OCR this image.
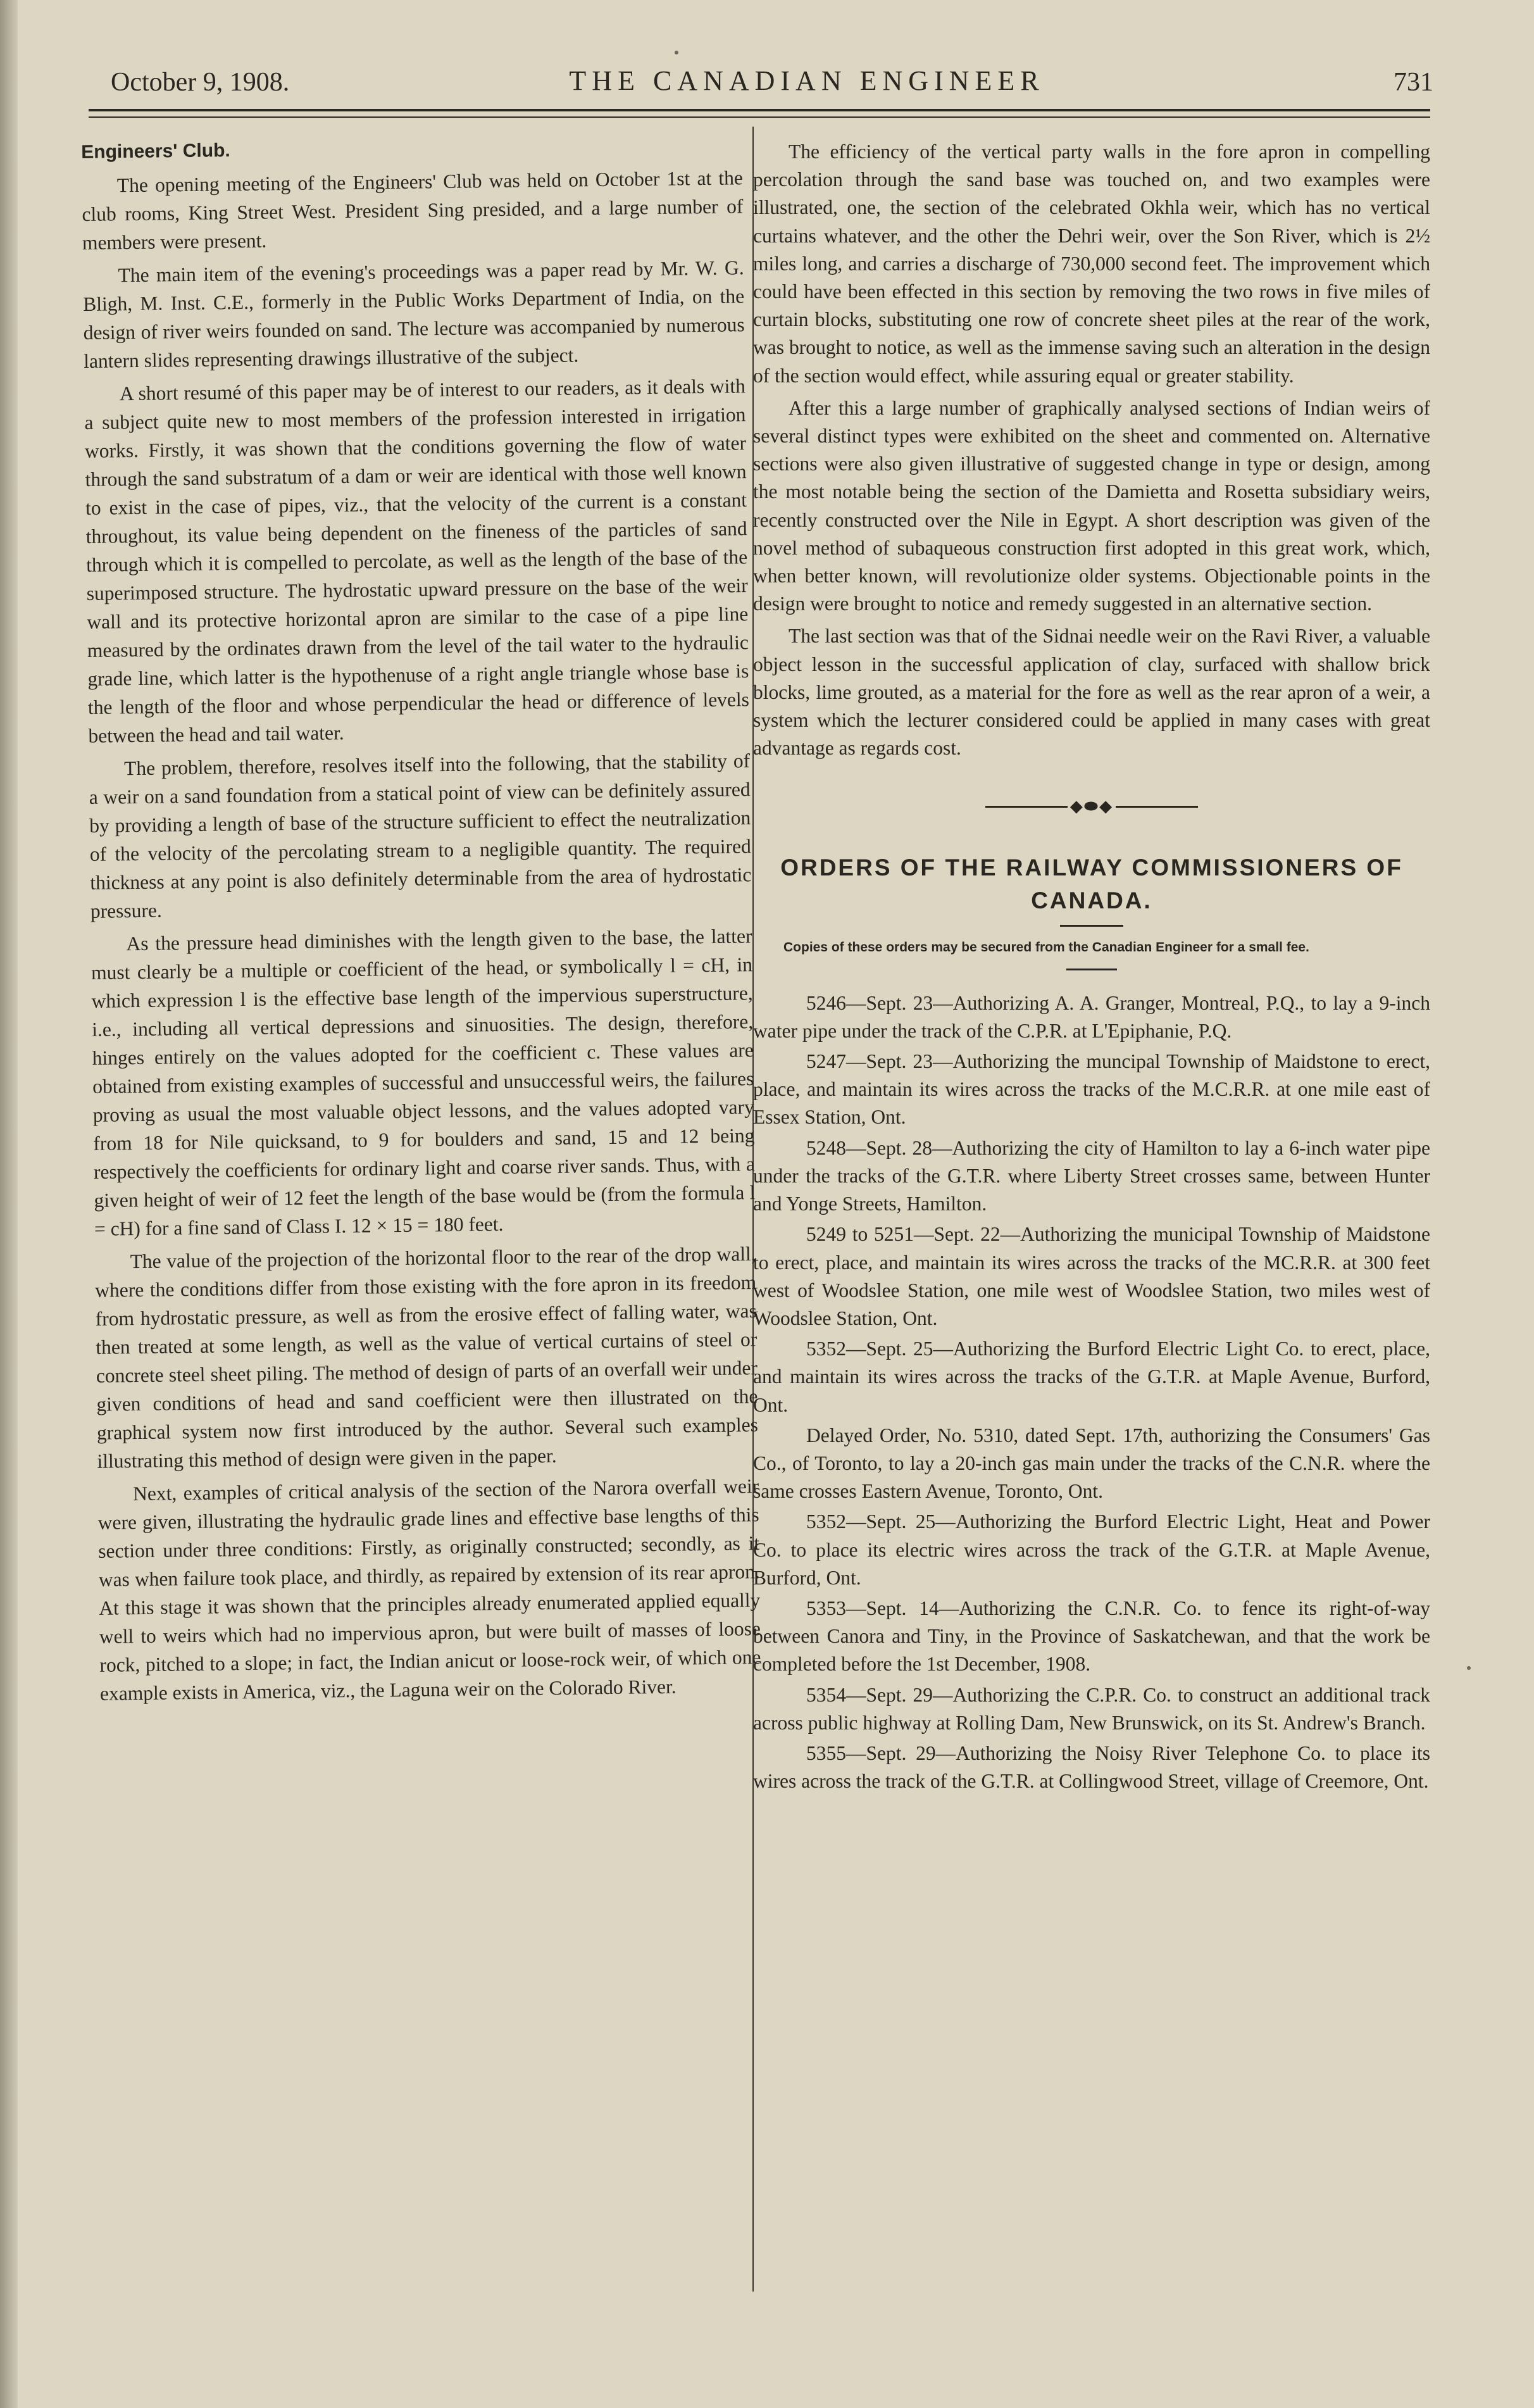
October 9, 1908.	THE CANADIAN ENGINEER	731
Engineers' Club.

The opening meeting of the Engineers' Club was held on October 1st at the club rooms, King Street West. President Sing presided, and a large number of members were present.

The main item of the evening's proceedings was a paper read by Mr. W. G. Bligh, M. Inst. C.E., formerly in the Public Works Department of India, on the design of river weirs founded on sand. The lecture was accompanied by numerous lantern slides representing drawings illustrative of the subject.

A short resumé of this paper may be of interest to our readers, as it deals with a subject quite new to most members of the profession interested in irrigation works. Firstly, it was shown that the conditions governing the flow of water through the sand substratum of a dam or weir are identical with those well known to exist in the case of pipes, viz., that the velocity of the current is a constant throughout, its value being dependent on the fineness of the particles of sand through which it is compelled to percolate, as well as the length of the base of the superimposed structure. The hydrostatic upward pressure on the base of the weir wall and its protective horizontal apron are similar to the case of a pipe line measured by the ordinates drawn from the level of the tail water to the hydraulic grade line, which latter is the hypothenuse of a right angle triangle whose base is the length of the floor and whose perpendicular the head or difference of levels between the head and tail water.

The problem, therefore, resolves itself into the following, that the stability of a weir on a sand foundation from a statical point of view can be definitely assured by providing a length of base of the structure sufficient to effect the neutralization of the velocity of the percolating stream to a negligible quantity. The required thickness at any point is also definitely determinable from the area of hydrostatic pressure.

As the pressure head diminishes with the length given to the base, the latter must clearly be a multiple or coefficient of the head, or symbolically l = cH, in which expression l is the effective base length of the impervious superstructure, i.e., including all vertical depressions and sinuosities. The design, therefore, hinges entirely on the values adopted for the coefficient c. These values are obtained from existing examples of successful and unsuccessful weirs, the failures proving as usual the most valuable object lessons, and the values adopted vary from 18 for Nile quicksand, to 9 for boulders and sand, 15 and 12 being respectively the coefficients for ordinary light and coarse river sands. Thus, with a given height of weir of 12 feet the length of the base would be (from the formula l = cH) for a fine sand of Class I. 12 × 15 = 180 feet.

The value of the projection of the horizontal floor to the rear of the drop wall, where the conditions differ from those existing with the fore apron in its freedom from hydrostatic pressure, as well as from the erosive effect of falling water, was then treated at some length, as well as the value of vertical curtains of steel or concrete steel sheet piling. The method of design of parts of an overfall weir under given conditions of head and sand coefficient were then illustrated on the graphical system now first introduced by the author. Several such examples illustrating this method of design were given in the paper.

Next, examples of critical analysis of the section of the Narora overfall weir were given, illustrating the hydraulic grade lines and effective base lengths of this section under three conditions: Firstly, as originally constructed; secondly, as it was when failure took place, and thirdly, as repaired by extension of its rear apron. At this stage it was shown that the principles already enumerated applied equally well to weirs which had no impervious apron, but were built of masses of loose rock, pitched to a slope; in fact, the Indian anicut or loose-rock weir, of which one example exists in America, viz., the Laguna weir on the Colorado River.

The efficiency of the vertical party walls in the fore apron in compelling percolation through the sand base was touched on, and two examples were illustrated, one, the section of the celebrated Okhla weir, which has no vertical curtains whatever, and the other the Dehri weir, over the Son River, which is 2½ miles long, and carries a discharge of 730,000 second feet. The improvement which could have been effected in this section by removing the two rows in five miles of curtain blocks, substituting one row of concrete sheet piles at the rear of the work, was brought to notice, as well as the immense saving such an alteration in the design of the section would effect, while assuring equal or greater stability.

After this a large number of graphically analysed sections of Indian weirs of several distinct types were exhibited on the sheet and commented on. Alternative sections were also given illustrative of suggested change in type or design, among the most notable being the section of the Damietta and Rosetta subsidiary weirs, recently constructed over the Nile in Egypt. A short description was given of the novel method of subaqueous construction first adopted in this great work, which, when better known, will revolutionize older systems. Objectionable points in the design were brought to notice and remedy suggested in an alternative section.

The last section was that of the Sidnai needle weir on the Ravi River, a valuable object lesson in the successful application of clay, surfaced with shallow brick blocks, lime grouted, as a material for the fore as well as the rear apron of a weir, a system which the lecturer considered could be applied in many cases with great advantage as regards cost.

◆⬬◆
ORDERS OF THE RAILWAY COMMISSIONERS OF CANADA.

Copies of these orders may be secured from the Canadian Engineer for a small fee.

5246—Sept. 23—Authorizing A. A. Granger, Montreal, P.Q., to lay a 9-inch water pipe under the track of the C.P.R. at L'Epiphanie, P.Q.

5247—Sept. 23—Authorizing the muncipal Township of Maidstone to erect, place, and maintain its wires across the tracks of the M.C.R.R. at one mile east of Essex Station, Ont.

5248—Sept. 28—Authorizing the city of Hamilton to lay a 6-inch water pipe under the tracks of the G.T.R. where Liberty Street crosses same, between Hunter and Yonge Streets, Hamilton.

5249 to 5251—Sept. 22—Authorizing the municipal Township of Maidstone to erect, place, and maintain its wires across the tracks of the MC.R.R. at 300 feet west of Woodslee Station, one mile west of Woodslee Station, two miles west of Woodslee Station, Ont.

5352—Sept. 25—Authorizing the Burford Electric Light Co. to erect, place, and maintain its wires across the tracks of the G.T.R. at Maple Avenue, Burford, Ont.

Delayed Order, No. 5310, dated Sept. 17th, authorizing the Consumers' Gas Co., of Toronto, to lay a 20-inch gas main under the tracks of the C.N.R. where the same crosses Eastern Avenue, Toronto, Ont.

5352—Sept. 25—Authorizing the Burford Electric Light, Heat and Power Co. to place its electric wires across the track of the G.T.R. at Maple Avenue, Burford, Ont.

5353—Sept. 14—Authorizing the C.N.R. Co. to fence its right-of-way between Canora and Tiny, in the Province of Saskatchewan, and that the work be completed before the 1st December, 1908.

5354—Sept. 29—Authorizing the C.P.R. Co. to construct an additional track across public highway at Rolling Dam, New Brunswick, on its St. Andrew's Branch.

5355—Sept. 29—Authorizing the Noisy River Telephone Co. to place its wires across the track of the G.T.R. at Collingwood Street, village of Creemore, Ont.
